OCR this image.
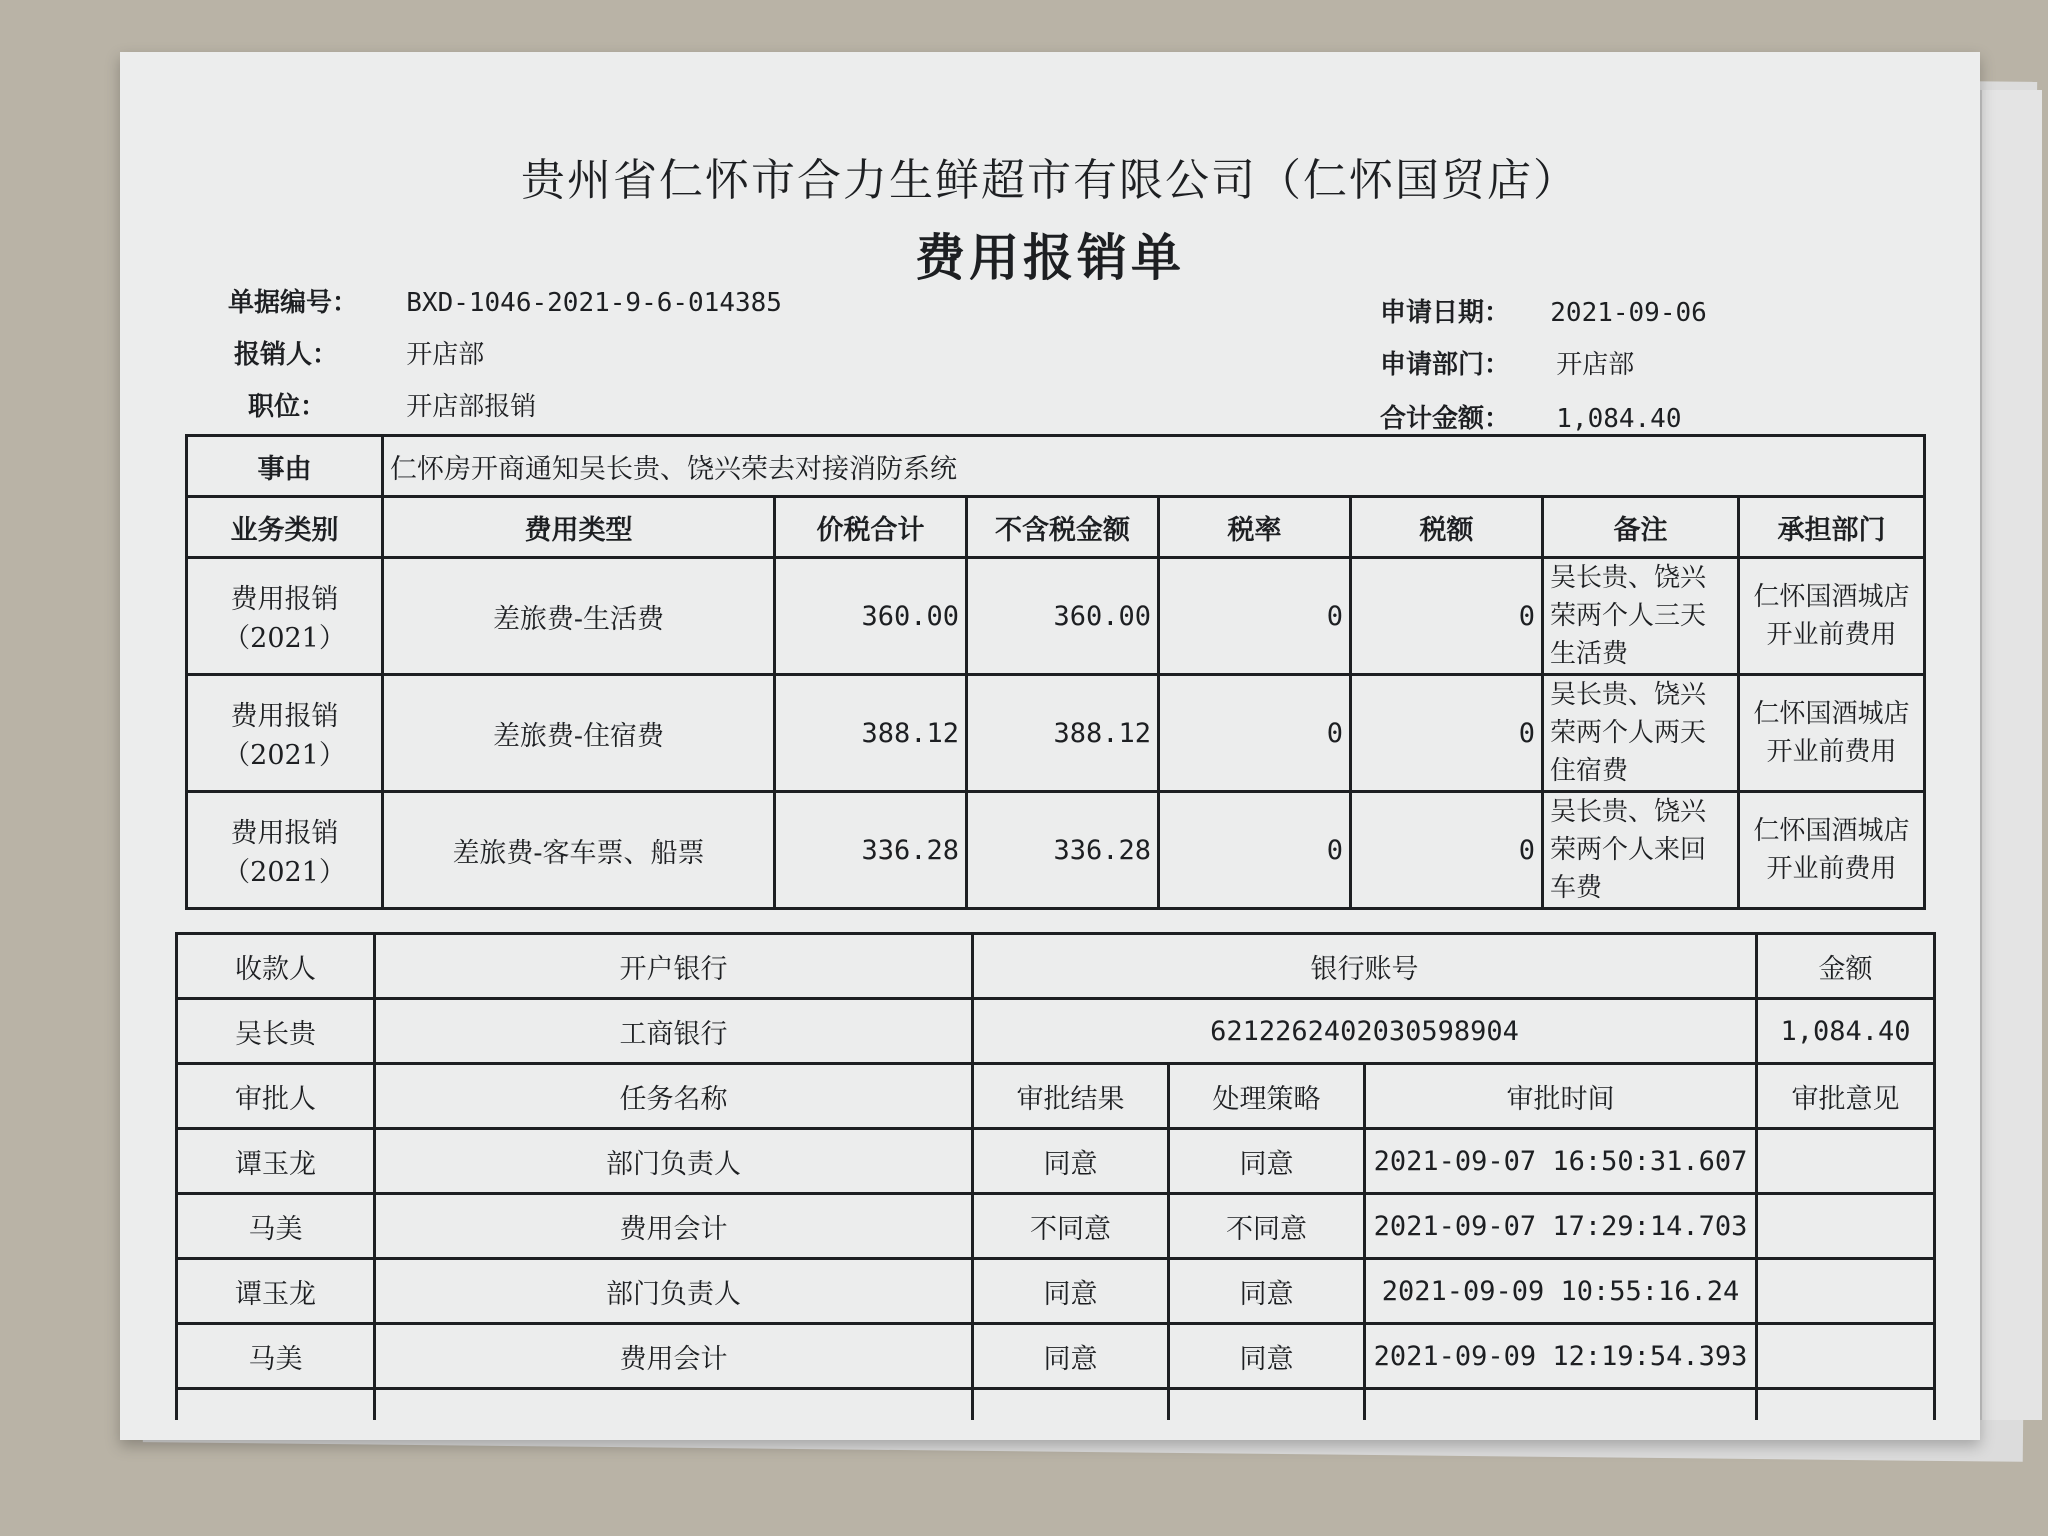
贵州省仁怀市合力生鲜超市有限公司（仁怀国贸店）
费用报销单
单据编号： BXD-1046-2021-9-6-014385
报销人：	开店部
职位：	开店部报销
申请日期： 2021-09-06
申请部门： 开店部
合计金额： 1,084.40
事由	仁怀房开商通知吴长贵、饶兴荣去对接消防系统						
业务类别	费用类型	价税合计	不含税金额	税率	税额	备注	承担部门
费用报销（2021）	差旅费-生活费	360.00	360.00	0	0	吴长贵、饶兴荣两个人三天生活费	仁怀国酒城店开业前费用
费用报销（2021）	差旅费-住宿费	388.12	388.12	0	0	吴长贵、饶兴荣两个人两天住宿费	仁怀国酒城店开业前费用
费用报销（2021）	差旅费-客车票、船票	336.28	336.28	0	0	吴长贵、饶兴荣两个人来回车费	仁怀国酒城店开业前费用
收款人	开户银行	银行账号			金额
吴长贵	工商银行	6212262402030598904			1,084.40
审批人	任务名称	审批结果	处理策略	审批时间	审批意见
谭玉龙	部门负责人	同意	同意	2021-09-07 16:50:31.607	
马美	费用会计	不同意	不同意	2021-09-07 17:29:14.703	
谭玉龙	部门负责人	同意	同意	2021-09-09 10:55:16.24	
马美	费用会计	同意	同意	2021-09-09 12:19:54.393	
